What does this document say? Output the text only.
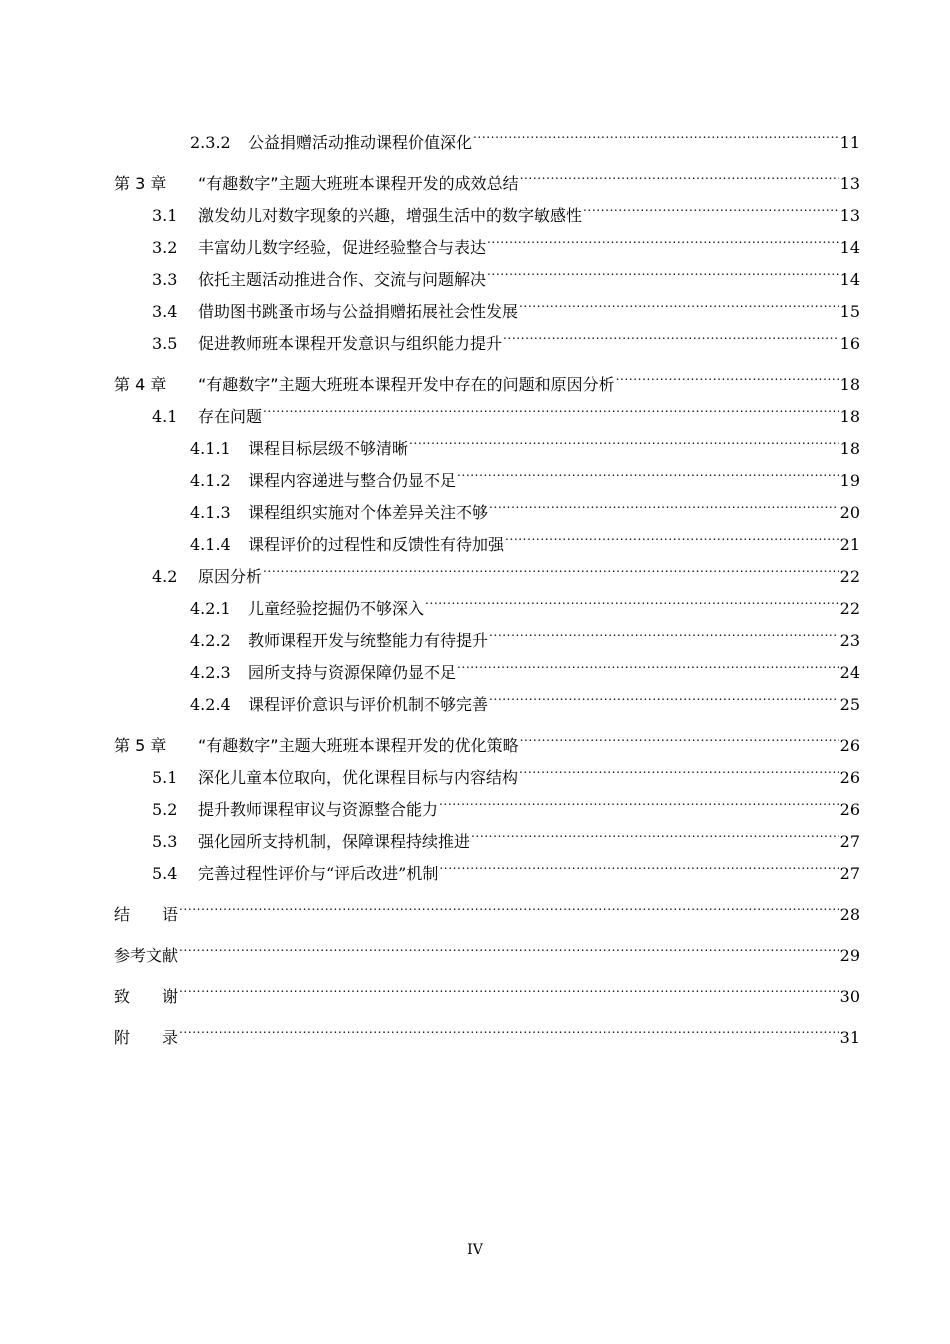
2.3.2	公益捐赠活动推动课程价值深化 .....	11
第 3 章	“有趣数字”主题大班班本课程开发的成效总结 .....	13
3.1	激发幼儿对数字现象的兴趣，增强生活中的数字敏感性 .....	13
3.2	丰富幼儿数字经验，促进经验整合与表达 .....	14
3.3	依托主题活动推进合作、交流与问题解决 .....	14
3.4	借助图书跳蚤市场与公益捐赠拓展社会性发展 .....	15
3.5	促进教师班本课程开发意识与组织能力提升 .....	16
第 4 章	“有趣数字”主题大班班本课程开发中存在的问题和原因分析 .....	18
4.1	存在问题 .....	18
4.1.1	课程目标层级不够清晰 .....	18
4.1.2	课程内容递进与整合仍显不足 .....	19
4.1.3	课程组织实施对个体差异关注不够 .....	20
4.1.4	课程评价的过程性和反馈性有待加强 .....	21
4.2	原因分析 .....	22
4.2.1	儿童经验挖掘仍不够深入 .....	22
4.2.2	教师课程开发与统整能力有待提升 .....	23
4.2.3	园所支持与资源保障仍显不足 .....	24
4.2.4	课程评价意识与评价机制不够完善 .....	25
第 5 章	“有趣数字”主题大班班本课程开发的优化策略 .....	26
5.1	深化儿童本位取向，优化课程目标与内容结构 .....	26
5.2	提升教师课程审议与资源整合能力 .....	26
5.3	强化园所支持机制，保障课程持续推进 .....	27
5.4	完善过程性评价与“评后改进”机制 .....	27
结　　语 .....	28
参考文献 .....	29
致　　谢 .....	30
附　　录 .....	31
IV
